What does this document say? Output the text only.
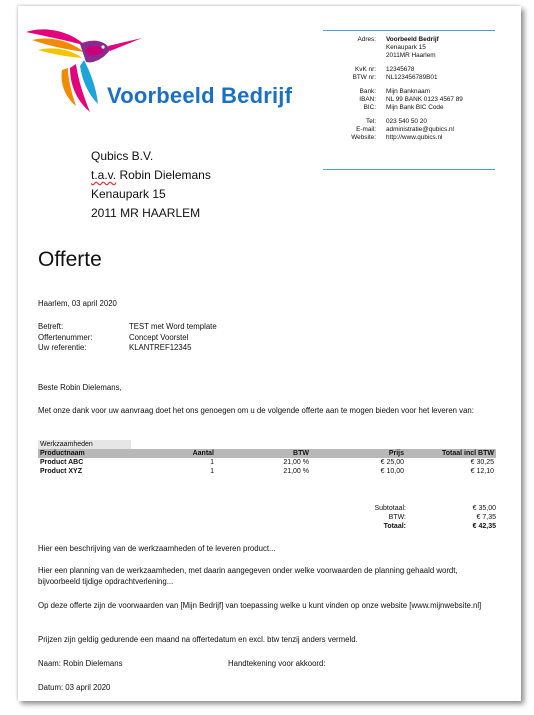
Voorbeeld Bedrijf
Adres:	Voorbeeld Bedrijf
Kenaupark 15
2011MR Haarlem
KvK nr:	12345678
BTW nr:	NL123456789B01
Bank:	Mijn Banknaam
IBAN:	NL 99 BANK 0123 4567 89
BIC:	Mijn Bank BIC Code
Tel:	023 540 50 20
E-mail:	administratie@qubics.nl
Website:	http://www.qubics.nl
Qubics B.V.
t.a.v. Robin Dielemans
Kenaupark 15
2011 MR HAARLEM
Offerte
Haarlem, 03 april 2020
Betreft:	TEST met Word template
Offertenummer:	Concept Voorstel
Uw referentie:	KLANTREF12345
Beste Robin Dielemans,
Met onze dank voor uw aanvraag doet het ons genoegen om u de volgende offerte aan te mogen bieden voor het leveren van:
Werkzaamheden				
Productnaam	Aantal	BTW	Prijs	Totaal incl BTW
Product ABC	1	21,00 %	€ 25,00	€ 30,25
Product XYZ	1	21,00 %	€ 10,00	€ 12,10
Subtotaal:	€ 35,00
BTW:	€ 7,35
Totaal:	€ 42,35
Hier een beschrijving van de werkzaamheden of te leveren product...
Hier een planning van de werkzaamheden, met daarin aangegeven onder welke voorwaarden de planning gehaald wordt, bijvoorbeeld tijdige opdrachtverlening...
Op deze offerte zijn de voorwaarden van [Mijn Bedrijf] van toepassing welke u kunt vinden op onze website [www.mijnwebsite.nl]
Prijzen zijn geldig gedurende een maand na offertedatum en excl. btw tenzij anders vermeld.
Naam: Robin Dielemans	Handtekening voor akkoord:
Datum: 03 april 2020
